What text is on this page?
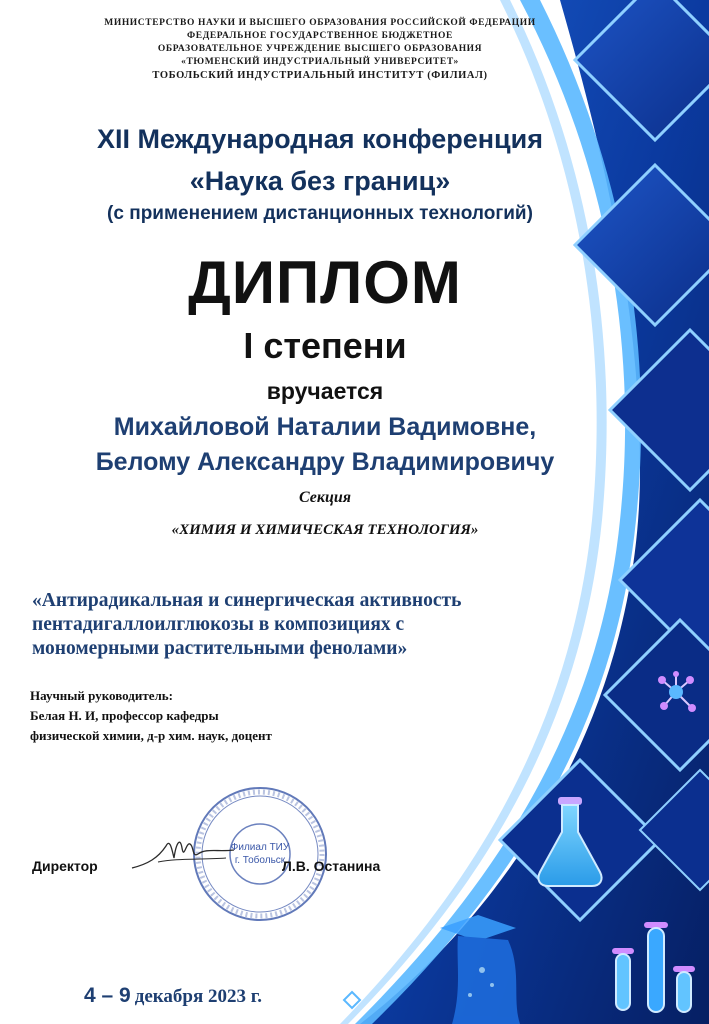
МИНИСТЕРСТВО НАУКИ И ВЫСШЕГО ОБРАЗОВАНИЯ РОССИЙСКОЙ ФЕДЕРАЦИИ
ФЕДЕРАЛЬНОЕ ГОСУДАРСТВЕННОЕ БЮДЖЕТНОЕ
ОБРАЗОВАТЕЛЬНОЕ УЧРЕЖДЕНИЕ ВЫСШЕГО ОБРАЗОВАНИЯ
«ТЮМЕНСКИЙ ИНДУСТРИАЛЬНЫЙ УНИВЕРСИТЕТ»
ТОБОЛЬСКИЙ ИНДУСТРИАЛЬНЫЙ ИНСТИТУТ (ФИЛИАЛ)
XII Международная конференция
«Наука без границ»
(с применением дистанционных технологий)
ДИПЛОМ
I степени
вручается
Михайловой Наталии Вадимовне,
Белому Александру Владимировичу
Секция
«ХИМИЯ И ХИМИЧЕСКАЯ ТЕХНОЛОГИЯ»
«Антирадикальная и синергическая активность
пентадигаллоилглюкозы в композициях с
мономерными растительными фенолами»
Научный руководитель:
Белая Н. И, профессор кафедры
физической химии, д-р хим. наук, доцент
Филиал ТИУ
г. Тобольск
Директор	Л.В. Останина
4 – 9 декабря 2023 г.
